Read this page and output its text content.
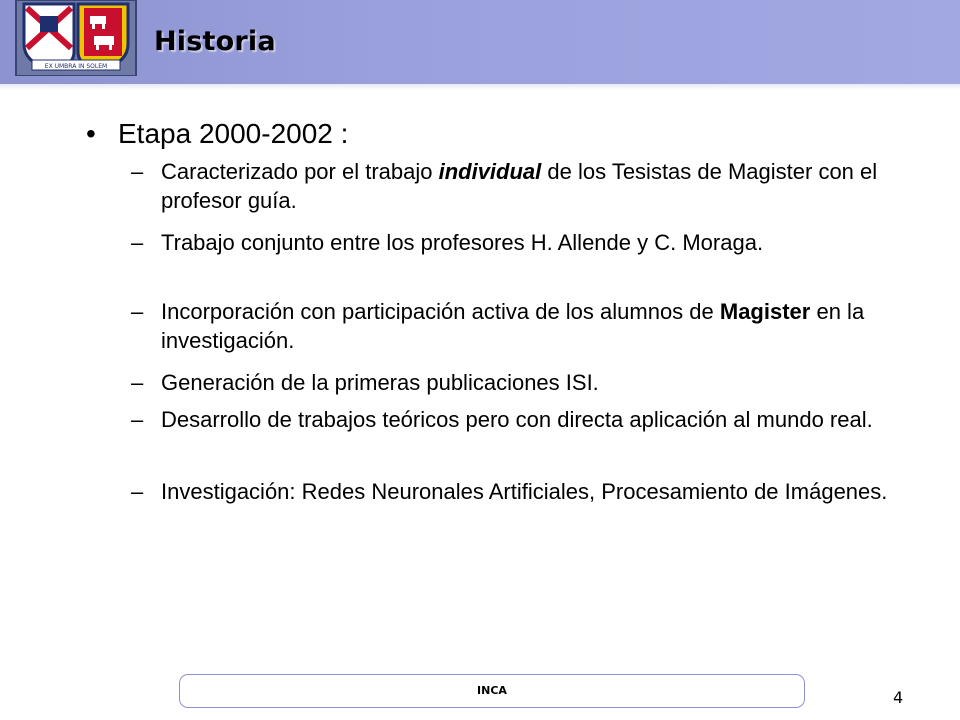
EX UMBRA IN SOLEM
Historia
• Etapa 2000-2002 :
– Caracterizado por el trabajo individual de los Tesistas de Magister con el profesor guía.
– Trabajo conjunto entre los profesores H. Allende y C. Moraga.
– Incorporación con participación activa de los alumnos de Magister en la investigación.
– Generación de la primeras publicaciones ISI.
– Desarrollo de trabajos teóricos pero con directa aplicación al mundo real.
– Investigación: Redes Neuronales Artificiales, Procesamiento de Imágenes.
INCA	4
